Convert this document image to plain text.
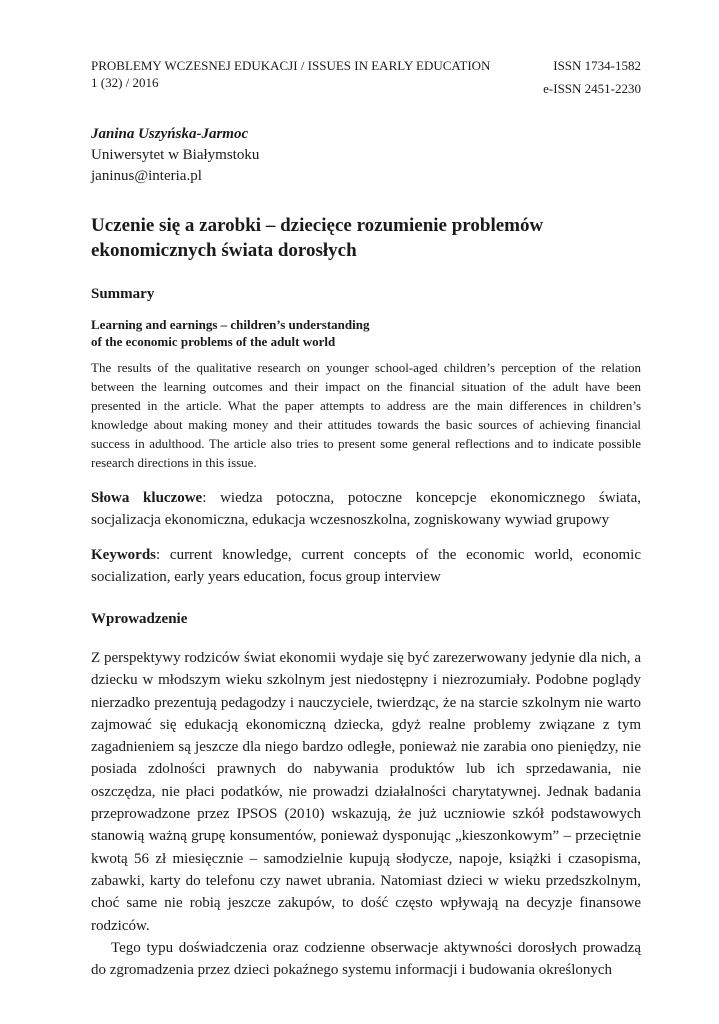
PROBLEMY WCZESNEJ EDUKACJI / ISSUES IN EARLY EDUCATION
1 (32) / 2016
ISSN 1734-1582
e-ISSN 2451-2230
Janina Uszyńska-Jarmoc
Uniwersytet w Białymstoku
janinus@interia.pl
Uczenie się a zarobki – dziecięce rozumienie problemów ekonomicznych świata dorosłych
Summary
Learning and earnings – children’s understanding
of the economic problems of the adult world
The results of the qualitative research on younger school-aged children’s perception of the relation between the learning outcomes and their impact on the financial situation of the adult have been presented in the article. What the paper attempts to address are the main differences in children’s knowledge about making money and their attitudes towards the basic sources of achieving financial success in adulthood. The article also tries to present some general reflections and to indicate possible research directions in this issue.
Słowa kluczowe: wiedza potoczna, potoczne koncepcje ekonomicznego świata, socjalizacja ekonomiczna, edukacja wczesnoszkolna, zogniskowany wywiad grupowy
Keywords: current knowledge, current concepts of the economic world, economic socialization, early years education, focus group interview
Wprowadzenie

Z perspektywy rodziców świat ekonomii wydaje się być zarezerwowany jedynie dla nich, a dziecku w młodszym wieku szkolnym jest niedostępny i niezrozumiały. Podobne poglądy nierzadko prezentują pedagodzy i nauczyciele, twierdząc, że na starcie szkolnym nie warto zajmować się edukacją ekonomiczną dziecka, gdyż realne problemy związane z tym zagadnieniem są jeszcze dla niego bardzo odległe, ponieważ nie zarabia ono pieniędzy, nie posiada zdolności prawnych do nabywania produktów lub ich sprzedawania, nie oszczędza, nie płaci podatków, nie prowadzi działalności charytatywnej. Jednak badania przeprowadzone przez IPSOS (2010) wskazują, że już uczniowie szkół podstawowych stanowią ważną grupę konsumentów, ponieważ dysponując „kieszonkowym” – przeciętnie kwotą 56 zł miesięcznie – samodzielnie kupują słodycze, napoje, książki i czasopisma, zabawki, karty do telefonu czy nawet ubrania. Natomiast dzieci w wieku przedszkolnym, choć same nie robią jeszcze zakupów, to dość często wpływają na decyzje finansowe rodziców.

Tego typu doświadczenia oraz codzienne obserwacje aktywności dorosłych prowadzą do zgromadzenia przez dzieci pokaźnego systemu informacji i budowania określonych
